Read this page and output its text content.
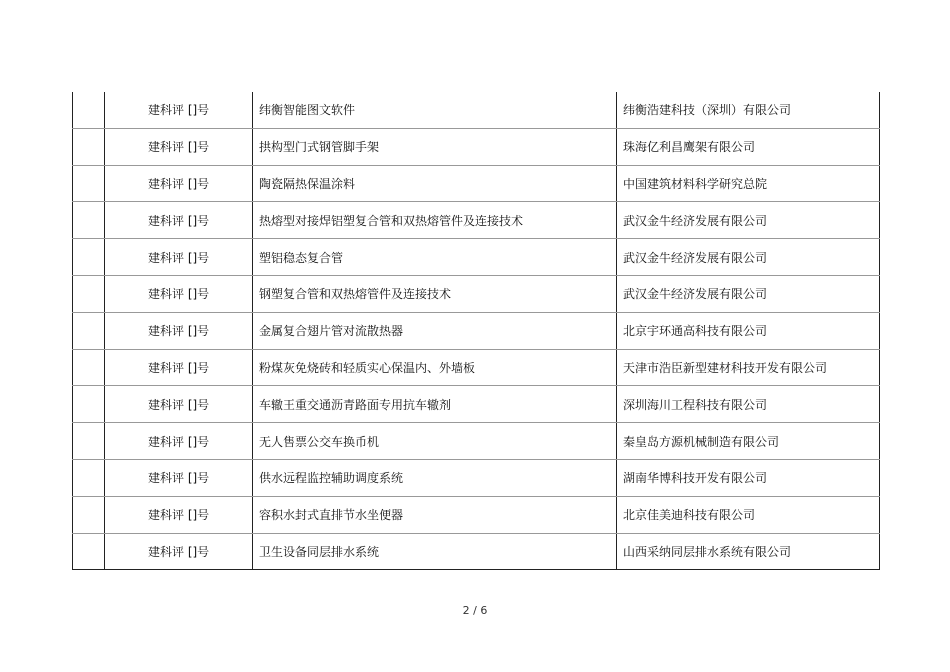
	建科评 []号	纬衡智能图文软件	纬衡浩建科技（深圳）有限公司
	建科评 []号	拱构型门式钢管脚手架	珠海亿利昌鹰架有限公司
	建科评 []号	陶瓷隔热保温涂料	中国建筑材料科学研究总院
	建科评 []号	热熔型对接焊铝塑复合管和双热熔管件及连接技术	武汉金牛经济发展有限公司
	建科评 []号	塑铝稳态复合管	武汉金牛经济发展有限公司
	建科评 []号	钢塑复合管和双热熔管件及连接技术	武汉金牛经济发展有限公司
	建科评 []号	金属复合翅片管对流散热器	北京宇环通高科技有限公司
	建科评 []号	粉煤灰免烧砖和轻质实心保温内、外墙板	天津市浩臣新型建材科技开发有限公司
	建科评 []号	车辙王重交通沥青路面专用抗车辙剂	深圳海川工程科技有限公司
	建科评 []号	无人售票公交车换币机	秦皇岛方源机械制造有限公司
	建科评 []号	供水远程监控辅助调度系统	湖南华博科技开发有限公司
	建科评 []号	容积水封式直排节水坐便器	北京佳美迪科技有限公司
	建科评 []号	卫生设备同层排水系统	山西采纳同层排水系统有限公司
2 / 6
